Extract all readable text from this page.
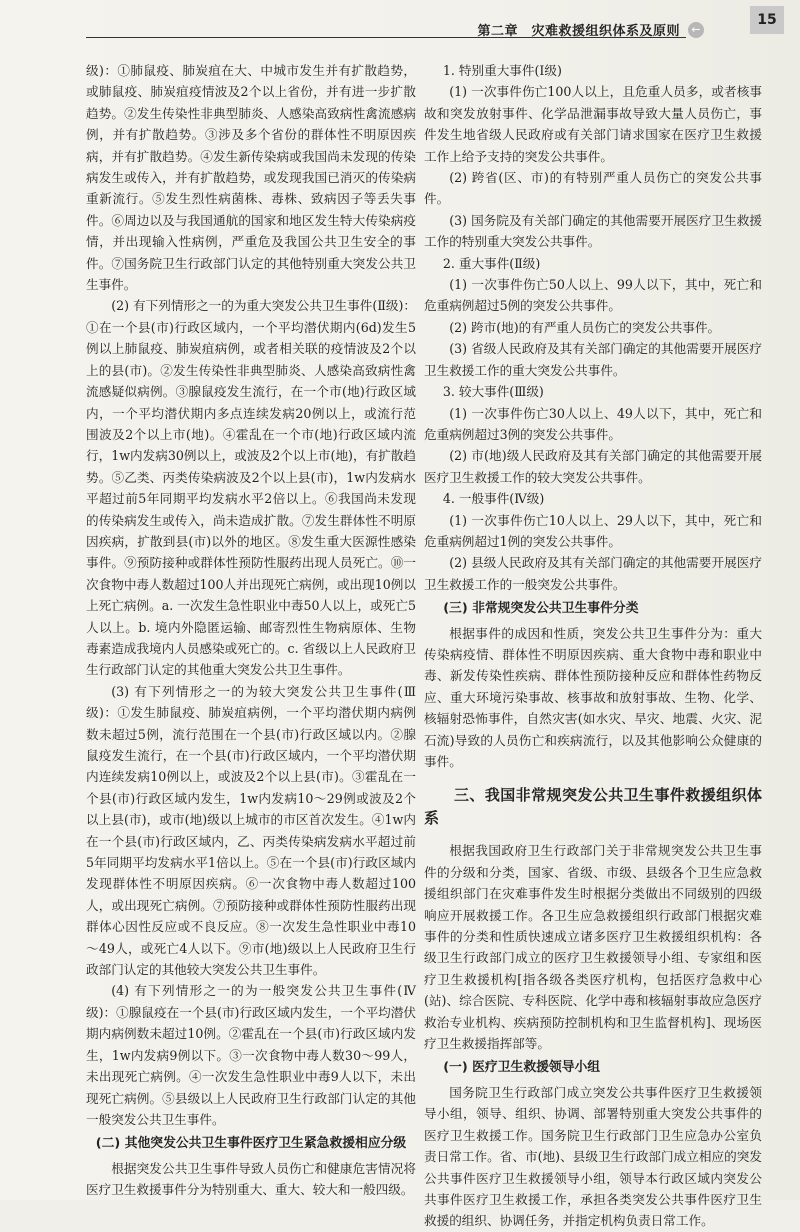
第二章　灾难救援组织体系及原则	←
15

级)：①肺鼠疫、肺炭疽在大、中城市发生并有扩散趋势，或肺鼠疫、肺炭疽疫情波及2个以上省份，并有进一步扩散趋势。②发生传染性非典型肺炎、人感染高致病性禽流感病例，并有扩散趋势。③涉及多个省份的群体性不明原因疾病，并有扩散趋势。④发生新传染病或我国尚未发现的传染病发生或传入，并有扩散趋势，或发现我国已消灭的传染病重新流行。⑤发生烈性病菌株、毒株、致病因子等丢失事件。⑥周边以及与我国通航的国家和地区发生特大传染病疫情，并出现输入性病例，严重危及我国公共卫生安全的事件。⑦国务院卫生行政部门认定的其他特别重大突发公共卫生事件。

(2) 有下列情形之一的为重大突发公共卫生事件(Ⅱ级)：①在一个县(市)行政区域内，一个平均潜伏期内(6d)发生5例以上肺鼠疫、肺炭疽病例，或者相关联的疫情波及2个以上的县(市)。②发生传染性非典型肺炎、人感染高致病性禽流感疑似病例。③腺鼠疫发生流行，在一个市(地)行政区域内，一个平均潜伏期内多点连续发病20例以上，或流行范围波及2个以上市(地)。④霍乱在一个市(地)行政区域内流行，1w内发病30例以上，或波及2个以上市(地)，有扩散趋势。⑤乙类、丙类传染病波及2个以上县(市)，1w内发病水平超过前5年同期平均发病水平2倍以上。⑥我国尚未发现的传染病发生或传入，尚未造成扩散。⑦发生群体性不明原因疾病，扩散到县(市)以外的地区。⑧发生重大医源性感染事件。⑨预防接种或群体性预防性服药出现人员死亡。⑩一次食物中毒人数超过100人并出现死亡病例，或出现10例以上死亡病例。a. 一次发生急性职业中毒50人以上，或死亡5人以上。b. 境内外隐匿运输、邮寄烈性生物病原体、生物毒素造成我境内人员感染或死亡的。c. 省级以上人民政府卫生行政部门认定的其他重大突发公共卫生事件。

(3) 有下列情形之一的为较大突发公共卫生事件(Ⅲ级)：①发生肺鼠疫、肺炭疽病例，一个平均潜伏期内病例数未超过5例，流行范围在一个县(市)行政区域以内。②腺鼠疫发生流行，在一个县(市)行政区域内，一个平均潜伏期内连续发病10例以上，或波及2个以上县(市)。③霍乱在一个县(市)行政区域内发生，1w内发病10～29例或波及2个以上县(市)，或市(地)级以上城市的市区首次发生。④1w内在一个县(市)行政区域内，乙、丙类传染病发病水平超过前5年同期平均发病水平1倍以上。⑤在一个县(市)行政区域内发现群体性不明原因疾病。⑥一次食物中毒人数超过100人，或出现死亡病例。⑦预防接种或群体性预防性服药出现群体心因性反应或不良反应。⑧一次发生急性职业中毒10～49人，或死亡4人以下。⑨市(地)级以上人民政府卫生行政部门认定的其他较大突发公共卫生事件。

(4) 有下列情形之一的为一般突发公共卫生事件(Ⅳ级)：①腺鼠疫在一个县(市)行政区域内发生，一个平均潜伏期内病例数未超过10例。②霍乱在一个县(市)行政区域内发生，1w内发病9例以下。③一次食物中毒人数30～99人，未出现死亡病例。④一次发生急性职业中毒9人以下，未出现死亡病例。⑤县级以上人民政府卫生行政部门认定的其他一般突发公共卫生事件。

(二) 其他突发公共卫生事件医疗卫生紧急救援相应分级

根据突发公共卫生事件导致人员伤亡和健康危害情况将医疗卫生救援事件分为特别重大、重大、较大和一般四级。

1. 特别重大事件(Ⅰ级)

(1) 一次事件伤亡100人以上，且危重人员多，或者核事故和突发放射事件、化学品泄漏事故导致大量人员伤亡，事件发生地省级人民政府或有关部门请求国家在医疗卫生救援工作上给予支持的突发公共事件。

(2) 跨省(区、市)的有特别严重人员伤亡的突发公共事件。

(3) 国务院及有关部门确定的其他需要开展医疗卫生救援工作的特别重大突发公共事件。

2. 重大事件(Ⅱ级)

(1) 一次事件伤亡50人以上、99人以下，其中，死亡和危重病例超过5例的突发公共事件。

(2) 跨市(地)的有严重人员伤亡的突发公共事件。

(3) 省级人民政府及其有关部门确定的其他需要开展医疗卫生救援工作的重大突发公共事件。

3. 较大事件(Ⅲ级)

(1) 一次事件伤亡30人以上、49人以下，其中，死亡和危重病例超过3例的突发公共事件。

(2) 市(地)级人民政府及其有关部门确定的其他需要开展医疗卫生救援工作的较大突发公共事件。

4. 一般事件(Ⅳ级)

(1) 一次事件伤亡10人以上、29人以下，其中，死亡和危重病例超过1例的突发公共事件。

(2) 县级人民政府及其有关部门确定的其他需要开展医疗卫生救援工作的一般突发公共事件。

(三) 非常规突发公共卫生事件分类

根据事件的成因和性质，突发公共卫生事件分为：重大传染病疫情、群体性不明原因疾病、重大食物中毒和职业中毒、新发传染性疾病、群体性预防接种反应和群体性药物反应、重大环境污染事故、核事故和放射事故、生物、化学、核辐射恐怖事件，自然灾害(如水灾、旱灾、地震、火灾、泥石流)导致的人员伤亡和疾病流行，以及其他影响公众健康的事件。

三、我国非常规突发公共卫生事件救援组织体系

根据我国政府卫生行政部门关于非常规突发公共卫生事件的分级和分类，国家、省级、市级、县级各个卫生应急救援组织部门在灾难事件发生时根据分类做出不同级别的四级响应开展救援工作。各卫生应急救援组织行政部门根据灾难事件的分类和性质快速成立诸多医疗卫生救援组织机构：各级卫生行政部门成立的医疗卫生救援领导小组、专家组和医疗卫生救援机构[指各级各类医疗机构，包括医疗急救中心(站)、综合医院、专科医院、化学中毒和核辐射事故应急医疗救治专业机构、疾病预防控制机构和卫生监督机构]、现场医疗卫生救援指挥部等。

(一) 医疗卫生救援领导小组

国务院卫生行政部门成立突发公共事件医疗卫生救援领导小组，领导、组织、协调、部署特别重大突发公共事件的医疗卫生救援工作。国务院卫生行政部门卫生应急办公室负责日常工作。省、市(地)、县级卫生行政部门成立相应的突发公共事件医疗卫生救援领导小组，领导本行政区域内突发公共事件医疗卫生救援工作，承担各类突发公共事件医疗卫生救援的组织、协调任务，并指定机构负责日常工作。
